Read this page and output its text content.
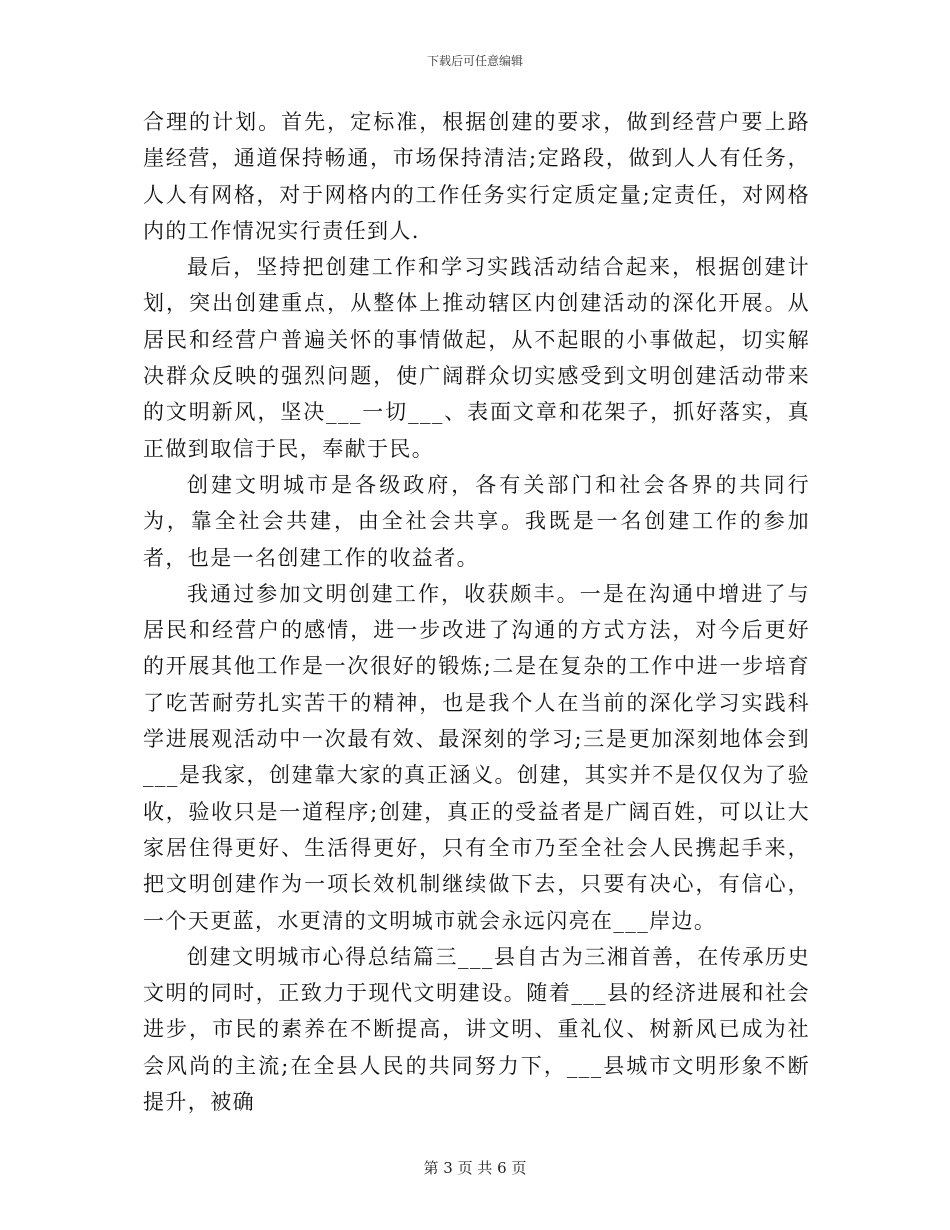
下载后可任意编辑

合理的计划。首先，定标准，根据创建的要求，做到经营户要上路崖经营，通道保持畅通，市场保持清洁;定路段，做到人人有任务，人人有网格，对于网格内的工作任务实行定质定量;定责任，对网格内的工作情况实行责任到人.

最后，坚持把创建工作和学习实践活动结合起来，根据创建计划，突出创建重点，从整体上推动辖区内创建活动的深化开展。从居民和经营户普遍关怀的事情做起，从不起眼的小事做起，切实解决群众反映的强烈问题，使广阔群众切实感受到文明创建活动带来的文明新风，坚决___一切___、表面文章和花架子，抓好落实，真正做到取信于民，奉献于民。

创建文明城市是各级政府，各有关部门和社会各界的共同行为，靠全社会共建，由全社会共享。我既是一名创建工作的参加者，也是一名创建工作的收益者。

我通过参加文明创建工作，收获颇丰。一是在沟通中增进了与居民和经营户的感情，进一步改进了沟通的方式方法，对今后更好的开展其他工作是一次很好的锻炼;二是在复杂的工作中进一步培育了吃苦耐劳扎实苦干的精神，也是我个人在当前的深化学习实践科学进展观活动中一次最有效、最深刻的学习;三是更加深刻地体会到___是我家，创建靠大家的真正涵义。创建，其实并不是仅仅为了验收，验收只是一道程序;创建，真正的受益者是广阔百姓，可以让大家居住得更好、生活得更好，只有全市乃至全社会人民携起手来，把文明创建作为一项长效机制继续做下去，只要有决心，有信心，一个天更蓝，水更清的文明城市就会永远闪亮在___岸边。

创建文明城市心得总结篇三___县自古为三湘首善，在传承历史文明的同时，正致力于现代文明建设。随着___县的经济进展和社会进步，市民的素养在不断提高，讲文明、重礼仪、树新风已成为社会风尚的主流;在全县人民的共同努力下，___县城市文明形象不断提升，被确

第 3 页 共 6 页
